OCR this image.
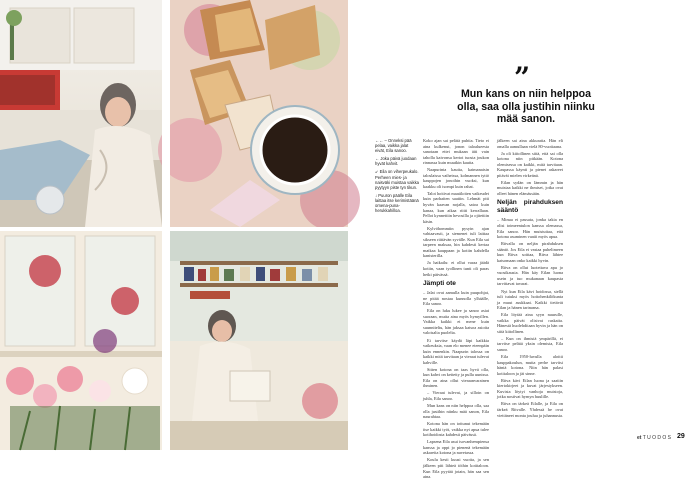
”
Mun kans on niin helppoa olla, saa olla justihin niinku mää sanon.

←← – Onneksi pää pelaa, vaikka jalat eivät, Eila sanoo.

← Joka päivä juodaan hyvät kahvit.

↙ Eila on viherpeukalo. Perheen mies- ja naisväki muistaa vaikka pyytyyn piste tyn tikun.

↓ Puuron päälle Eila laittaa itse kerimistäänä omena-puna-herukkahilloa.

Koko ajan sai pelätä puhtia. Tieto ei aina kulkenut, jonon taloalueesta sanotaan ettei mukaan äiti vain taholla kaivonsa kertoi tuosta joukon rinnassa kuin muutkin kautta.

Naapurinta kautta, kaimanaisin taloslaissa vaiheissa, kolmannen tyttö kauppojen jonoihin vuoksi, kun kaakku oli isompi kuin rahat.

Talot hoitivat maatiloiten vaikeudet kuin parhaiten saatiin. Lehmät piti hyvän kaavan nojalla, satoa kuin kanaa, kun aikaa riitti kerrallaan. Pellot kynnettiin hevosilla ja ojitettiin käsin.

Kylvöhommiin pysyin ajan vahtaavasti, ja siemenet tuli laittaa sikseen riittävän syvälle. Kun Eila sai tarpeen maksaa, hin kahdesti kertaa matkaa kauppaan ja kotiin kahdella kanisterilla.

Ja haikailu: ei ollut varaa jäädä kotiin, vaan tyollinen tunti oli paras hetki päivässä.

Jämpti ote

– Jalat ovat aamulla kuin puupohjat, ne pitää nostaa kunnolla ylhäälle, Eila sanoo.

Eila on luku lukee ja sanoo asiat suoraan, mutta aina myös hymyillen. Vaikka kaikki ei mene kuin suunniteltu, hän jaksaa katsoa asioita valoisalta puolelta.

Ei tarvitse käydä läpi kaikkia vaikeuksia, vaan elo menee eteenpäin kuin ennenkin. Naapurin talossa on kaikki mitä tarvitaan ja vieraat tulevat kahville.

Sitten kotona on taas hyvä olla, kun kahvi on keitetty ja pulla uunissa. Eila on aina ollut vieraanvarainen ihminen.

– Vieraat tulevat, ja silloin on juhla, Eila sanoo.

Mun kans on niin helppoa olla, saa olla justihin niinku mää sanon, Eila naurahtaa.

Kotona hän on tottunut tekemään itse kaikki työt, vaikka nyt apua tulee kotihoidosta kahdesti päivässä.

Lapsena Eila asui isovanhempiensa kanssa ja oppi jo pienenä tekemään askareita kotona ja navetassa.

Koulu kesti kuusi vuotta, ja sen jälkeen piti lähteä töihin kotitaloon. Kun Eila pyytää jotain, hän saa sen aina.

jälkeen sai aina akkuratia. Hän eli omalla aamullaan vielä 80-vuotiaana.

Ja oli kiitollinen siitä, että sai olla kotona niin pitkään. Kotona olemisessa on kaikki, mitä tarvitaan. Kaupassa käynti ja pienet askareet pitävät mielen virkeänä.

Eilan sydän on lämmin ja hän muistaa kaikki ne ihmiset, jotka ovat olleet hänen elämässään.

Neljän pirahduksen sääntö

– Minua ei passata, jonka takia en olisi toimeentulon kanssa olemassa, Eila sanoo. Hän muistuttaa, että kotona asuminen vaatii myös apua.

Ritvalla on neljän pirahduksen sääntö. Jos Eila ei vastaa puhelimeen kun Ritva soittaa, Ritva lähtee katsomaan onko kaikki hyvin.

Ritva on ollut luotettava apu jo vuosikausia. Hän käy Eilan luona usein ja tuo mukanaan kaupasta tarvittavat tavarat.

Nyt kun Eila kävi hoidossa, siellä tuli tutuksi myös hoitohenkilökunta ja muut asukkaat. Kaikki tietävät Eilan ja hänen tarinansa.

Eila löytää aina syyn naurulle, vaikka päivät olisivat raskaita. Hänestä huolehditaan hyvin ja hän on siitä kiitollinen.

– Kun on ihmisiä ympärillä, ei tarvitse pelätä yksin olemista, Eila sanoo.

Eila 1950-luvulla aloitti kauppakoulun, mutta perhe tarvitsi häntä kotona. Niin hän palasi kotitaloon ja jäi sinne.

Ritva kävi Eilan luona ja saatiin kiertokirjeet ja kuvat järjestykseen. Kuvista löytyi vanhoja muistoja, jotka nostivat hymyn huulille.

Ritva on tärkeä Eilalle, ja Eila on tärkeä Ritvalle. Yhdessä he ovat viettäneet monta joulua ja juhannusta.

et T U O D O S 29
